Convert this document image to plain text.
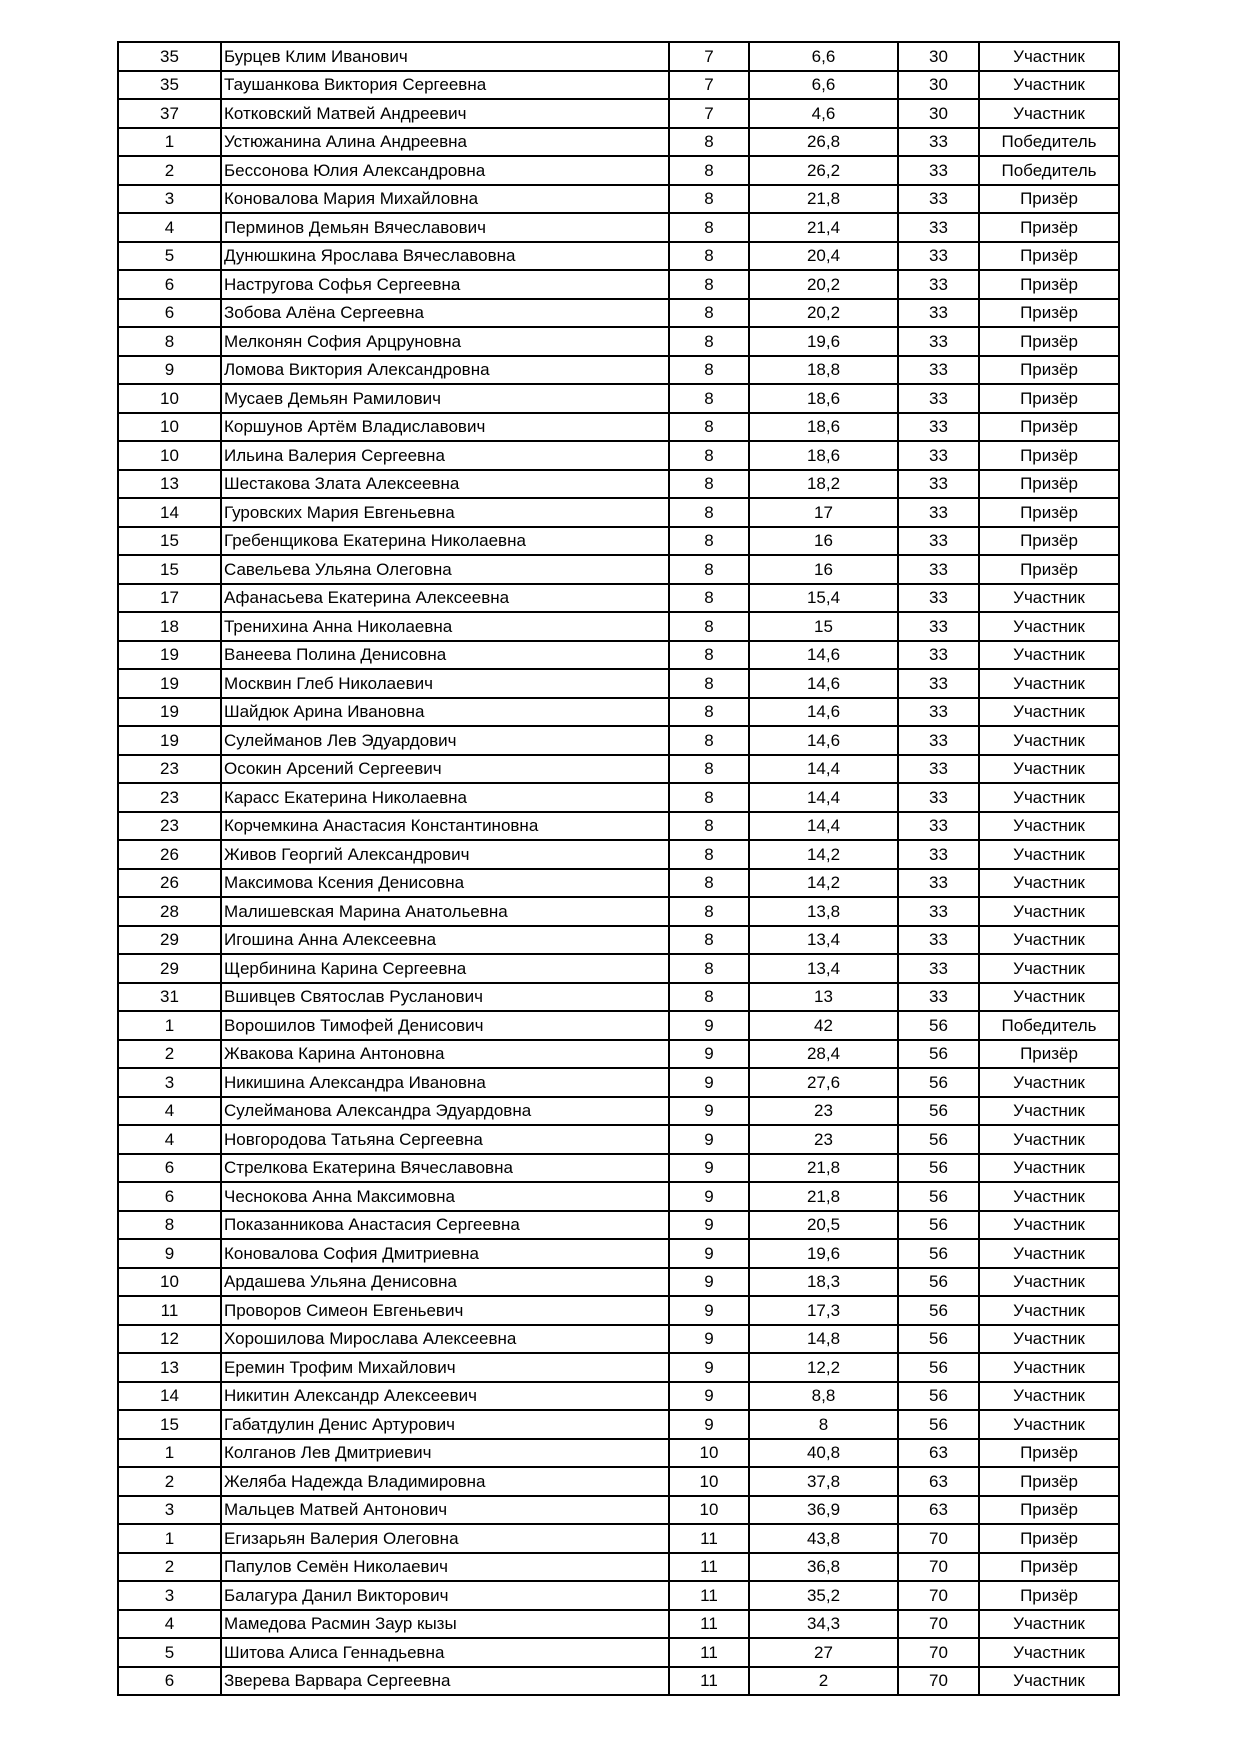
35	Бурцев Клим Иванович	7	6,6	30	Участник
35	Таушанкова Виктория Сергеевна	7	6,6	30	Участник
37	Котковский Матвей Андреевич	7	4,6	30	Участник
1	Устюжанина Алина Андреевна	8	26,8	33	Победитель
2	Бессонова Юлия Александровна	8	26,2	33	Победитель
3	Коновалова Мария Михайловна	8	21,8	33	Призёр
4	Перминов Демьян Вячеславович	8	21,4	33	Призёр
5	Дунюшкина Ярослава Вячеславовна	8	20,4	33	Призёр
6	Настругова Софья Сергеевна	8	20,2	33	Призёр
6	Зобова Алёна Сергеевна	8	20,2	33	Призёр
8	Мелконян София Арцруновна	8	19,6	33	Призёр
9	Ломова Виктория Александровна	8	18,8	33	Призёр
10	Мусаев Демьян Рамилович	8	18,6	33	Призёр
10	Коршунов Артём Владиславович	8	18,6	33	Призёр
10	Ильина Валерия Сергеевна	8	18,6	33	Призёр
13	Шестакова Злата Алексеевна	8	18,2	33	Призёр
14	Гуровских Мария Евгеньевна	8	17	33	Призёр
15	Гребенщикова Екатерина Николаевна	8	16	33	Призёр
15	Савельева Ульяна Олеговна	8	16	33	Призёр
17	Афанасьева Екатерина Алексеевна	8	15,4	33	Участник
18	Тренихина Анна Николаевна	8	15	33	Участник
19	Ванеева Полина Денисовна	8	14,6	33	Участник
19	Москвин Глеб Николаевич	8	14,6	33	Участник
19	Шайдюк Арина Ивановна	8	14,6	33	Участник
19	Сулейманов Лев Эдуардович	8	14,6	33	Участник
23	Осокин Арсений Сергеевич	8	14,4	33	Участник
23	Карасс Екатерина Николаевна	8	14,4	33	Участник
23	Корчемкина Анастасия Константиновна	8	14,4	33	Участник
26	Живов Георгий Александрович	8	14,2	33	Участник
26	Максимова Ксения Денисовна	8	14,2	33	Участник
28	Малишевская Марина Анатольевна	8	13,8	33	Участник
29	Игошина Анна Алексеевна	8	13,4	33	Участник
29	Щербинина Карина Сергеевна	8	13,4	33	Участник
31	Вшивцев Святослав Русланович	8	13	33	Участник
1	Ворошилов Тимофей Денисович	9	42	56	Победитель
2	Жвакова Карина Антоновна	9	28,4	56	Призёр
3	Никишина Александра Ивановна	9	27,6	56	Участник
4	Сулейманова Александра Эдуардовна	9	23	56	Участник
4	Новгородова Татьяна Сергеевна	9	23	56	Участник
6	Стрелкова Екатерина Вячеславовна	9	21,8	56	Участник
6	Чеснокова Анна Максимовна	9	21,8	56	Участник
8	Показанникова Анастасия Сергеевна	9	20,5	56	Участник
9	Коновалова София Дмитриевна	9	19,6	56	Участник
10	Ардашева Ульяна Денисовна	9	18,3	56	Участник
11	Проворов Симеон Евгеньевич	9	17,3	56	Участник
12	Хорошилова Мирослава Алексеевна	9	14,8	56	Участник
13	Еремин Трофим Михайлович	9	12,2	56	Участник
14	Никитин Александр Алексеевич	9	8,8	56	Участник
15	Габатдулин Денис Артурович	9	8	56	Участник
1	Колганов Лев Дмитриевич	10	40,8	63	Призёр
2	Желяба Надежда Владимировна	10	37,8	63	Призёр
3	Мальцев Матвей Антонович	10	36,9	63	Призёр
1	Егизарьян Валерия Олеговна	11	43,8	70	Призёр
2	Папулов Семён Николаевич	11	36,8	70	Призёр
3	Балагура Данил Викторович	11	35,2	70	Призёр
4	Мамедова Расмин Заур кызы	11	34,3	70	Участник
5	Шитова Алиса Геннадьевна	11	27	70	Участник
6	Зверева Варвара Сергеевна	11	2	70	Участник
